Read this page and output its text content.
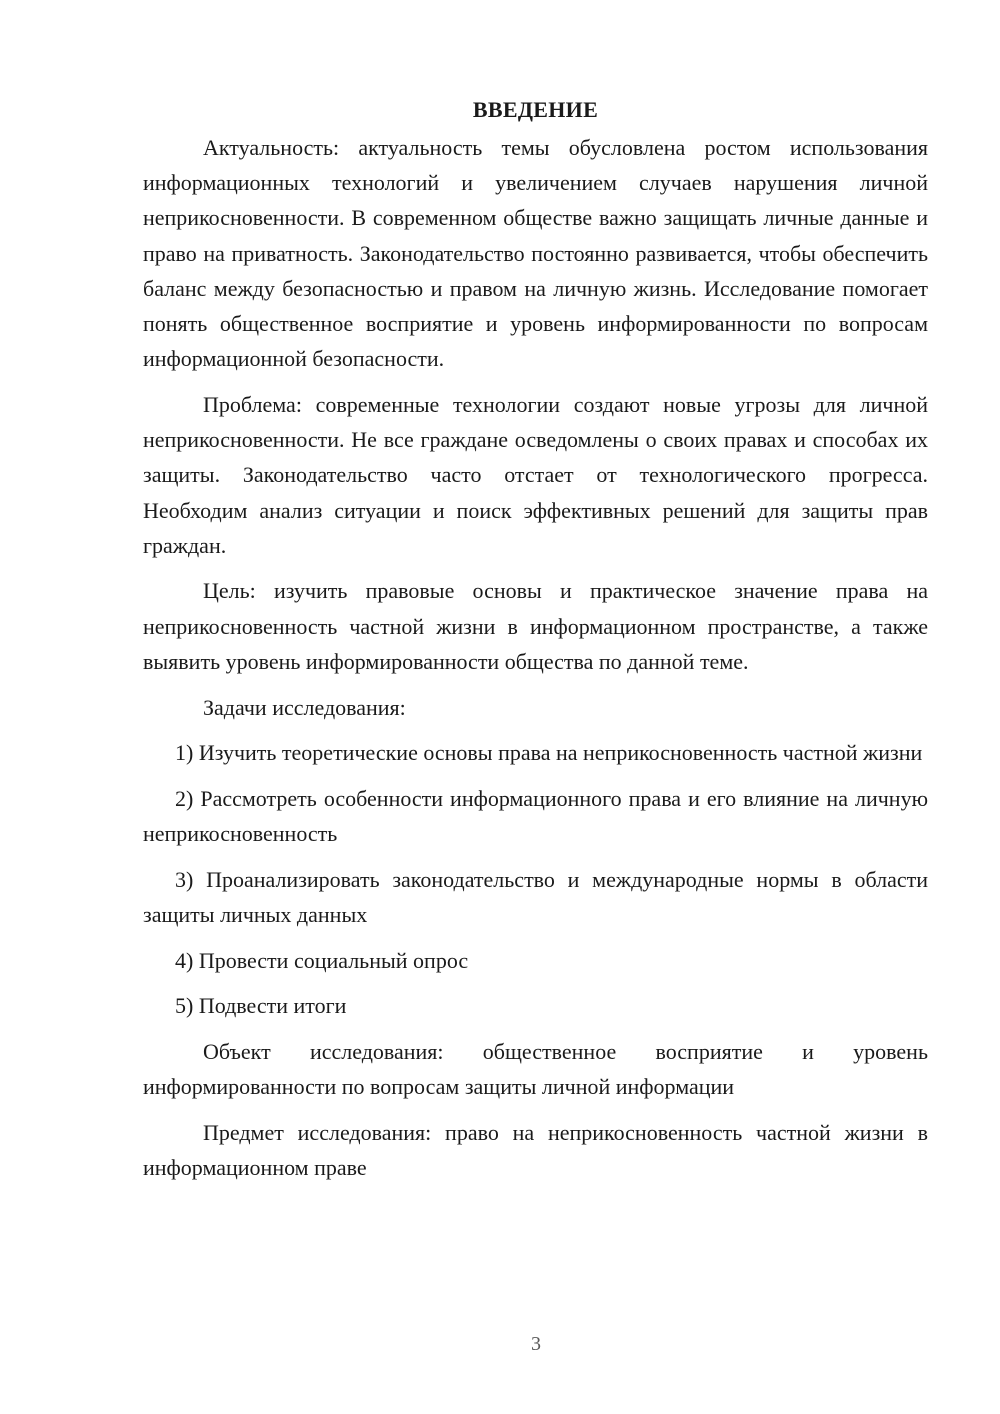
ВВЕДЕНИЕ

Актуальность: актуальность темы обусловлена ростом использования информационных технологий и увеличением случаев нарушения личной неприкосновенности. В современном обществе важно защищать личные данные и право на приватность. Законодательство постоянно развивается, чтобы обеспечить баланс между безопасностью и правом на личную жизнь. Исследование помогает понять общественное восприятие и уровень информированности по вопросам информационной безопасности.

Проблема: современные технологии создают новые угрозы для личной неприкосновенности. Не все граждане осведомлены о своих правах и способах их защиты. Законодательство часто отстает от технологического прогресса. Необходим анализ ситуации и поиск эффективных решений для защиты прав граждан.

Цель: изучить правовые основы и практическое значение права на неприкосновенность частной жизни в информационном пространстве, а также выявить уровень информированности общества по данной теме.

Задачи исследования:

1) Изучить теоретические основы права на неприкосновенность частной жизни

2) Рассмотреть особенности информационного права и его влияние на личную неприкосновенность

3) Проанализировать законодательство и международные нормы в области защиты личных данных

4) Провести социальный опрос

5) Подвести итоги

Объект исследования: общественное восприятие и уровень информированности по вопросам защиты личной информации

Предмет исследования: право на неприкосновенность частной жизни в информационном праве

3
